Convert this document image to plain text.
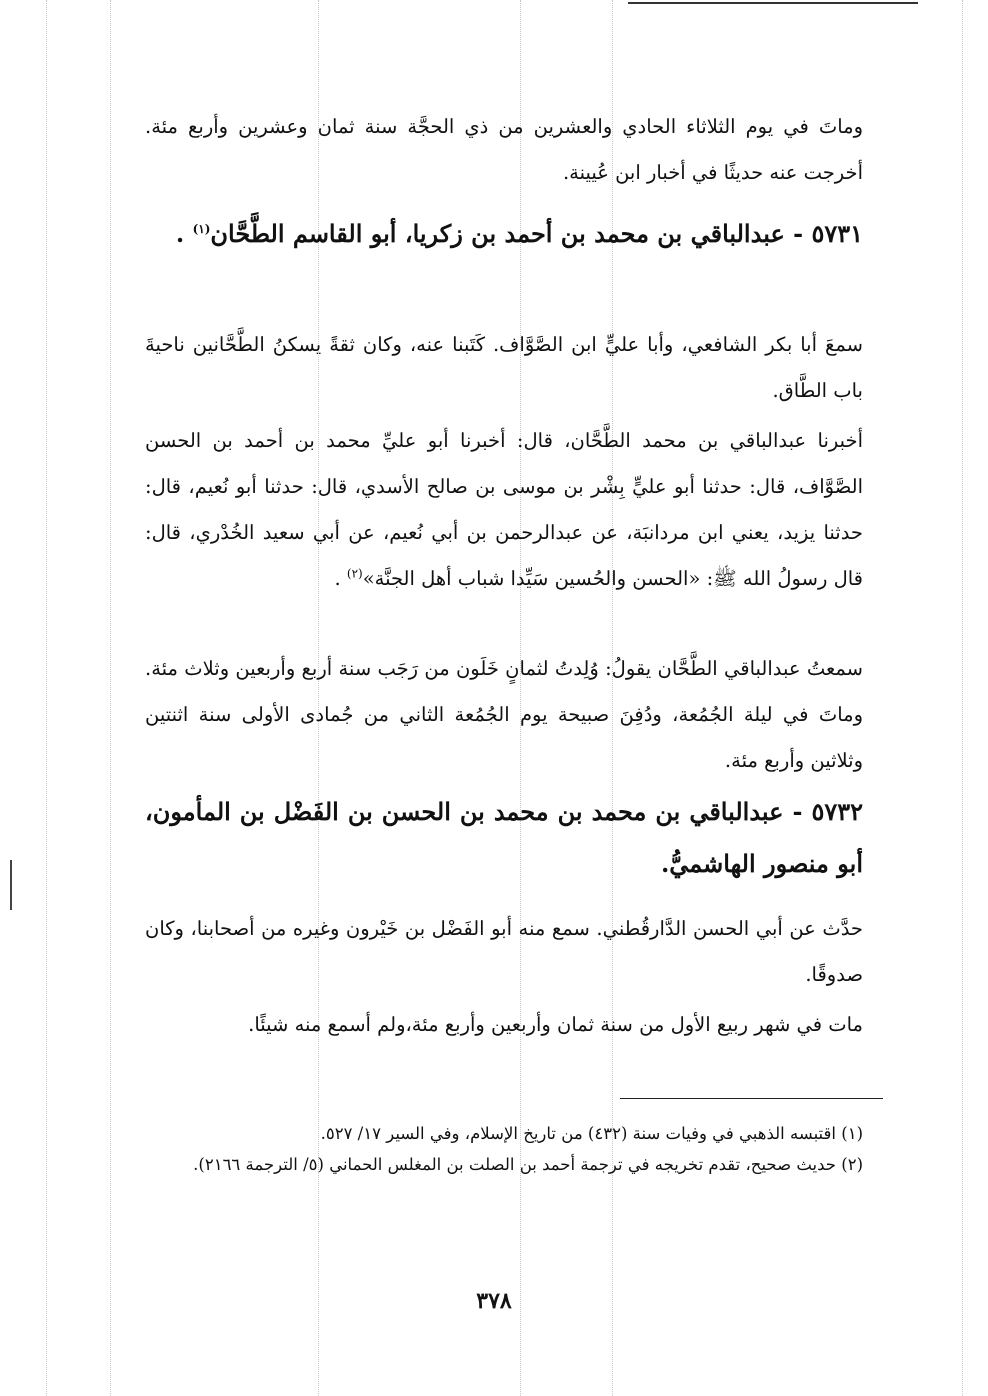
وماتَ في يوم الثلاثاء الحادي والعشرين من ذي الحجَّة سنة ثمان وعشرين وأربع مئة. أخرجت عنه حديثًا في أخبار ابن عُيينة.

٥٧٣١ - عبدالباقي بن محمد بن أحمد بن زكريا، أبو القاسم الطَّحَّان$^{(١)}$ .

سمعَ أبا بكر الشافعي، وأبا عليٍّ ابن الصَّوَّاف. كَتَبنا عنه، وكان ثقةً يسكنُ الطَّحَّانين ناحيةَ باب الطَّاق.

أخبرنا عبدالباقي بن محمد الطَّحَّان، قال: أخبرنا أبو عليِّ محمد بن أحمد بن الحسن الصَّوَّاف، قال: حدثنا أبو عليٍّ بِشْر بن موسى بن صالح الأسدي، قال: حدثنا أبو نُعيم، قال: حدثنا يزيد، يعني ابن مردانبَة، عن عبدالرحمن بن أبي نُعيم، عن أبي سعيد الخُدْري، قال: قال رسولُ الله ﷺ: «الحسن والحُسين سَيِّدا شباب أهل الجنَّة»$^{(٢)}$ .

سمعتُ عبدالباقي الطَّحَّان يقولُ: وُلِدتُ لثمانٍ خَلَون من رَجَب سنة أربع وأربعين وثلاث مئة. وماتَ في ليلة الجُمُعة، ودُفِنَ صبيحة يوم الجُمُعة الثاني من جُمادى الأولى سنة اثنتين وثلاثين وأربع مئة.

٥٧٣٢ - عبدالباقي بن محمد بن محمد بن الحسن بن الفَضْل بن المأمون، أبو منصور الهاشميُّ.

حدَّث عن أبي الحسن الدَّارقُطني. سمع منه أبو الفَضْل بن خَيْرون وغيره من أصحابنا، وكان صدوقًا.

مات في شهر ربيع الأول من سنة ثمان وأربعين وأربع مئة،ولم أسمع منه شيئًا.

(١) اقتبسه الذهبي في وفيات سنة (٤٣٢) من تاريخ الإسلام، وفي السير ١٧/ ٥٢٧.

(٢) حديث صحيح، تقدم تخريجه في ترجمة أحمد بن الصلت بن المغلس الحماني (٥/ الترجمة ٢١٦٦).

٣٧٨
